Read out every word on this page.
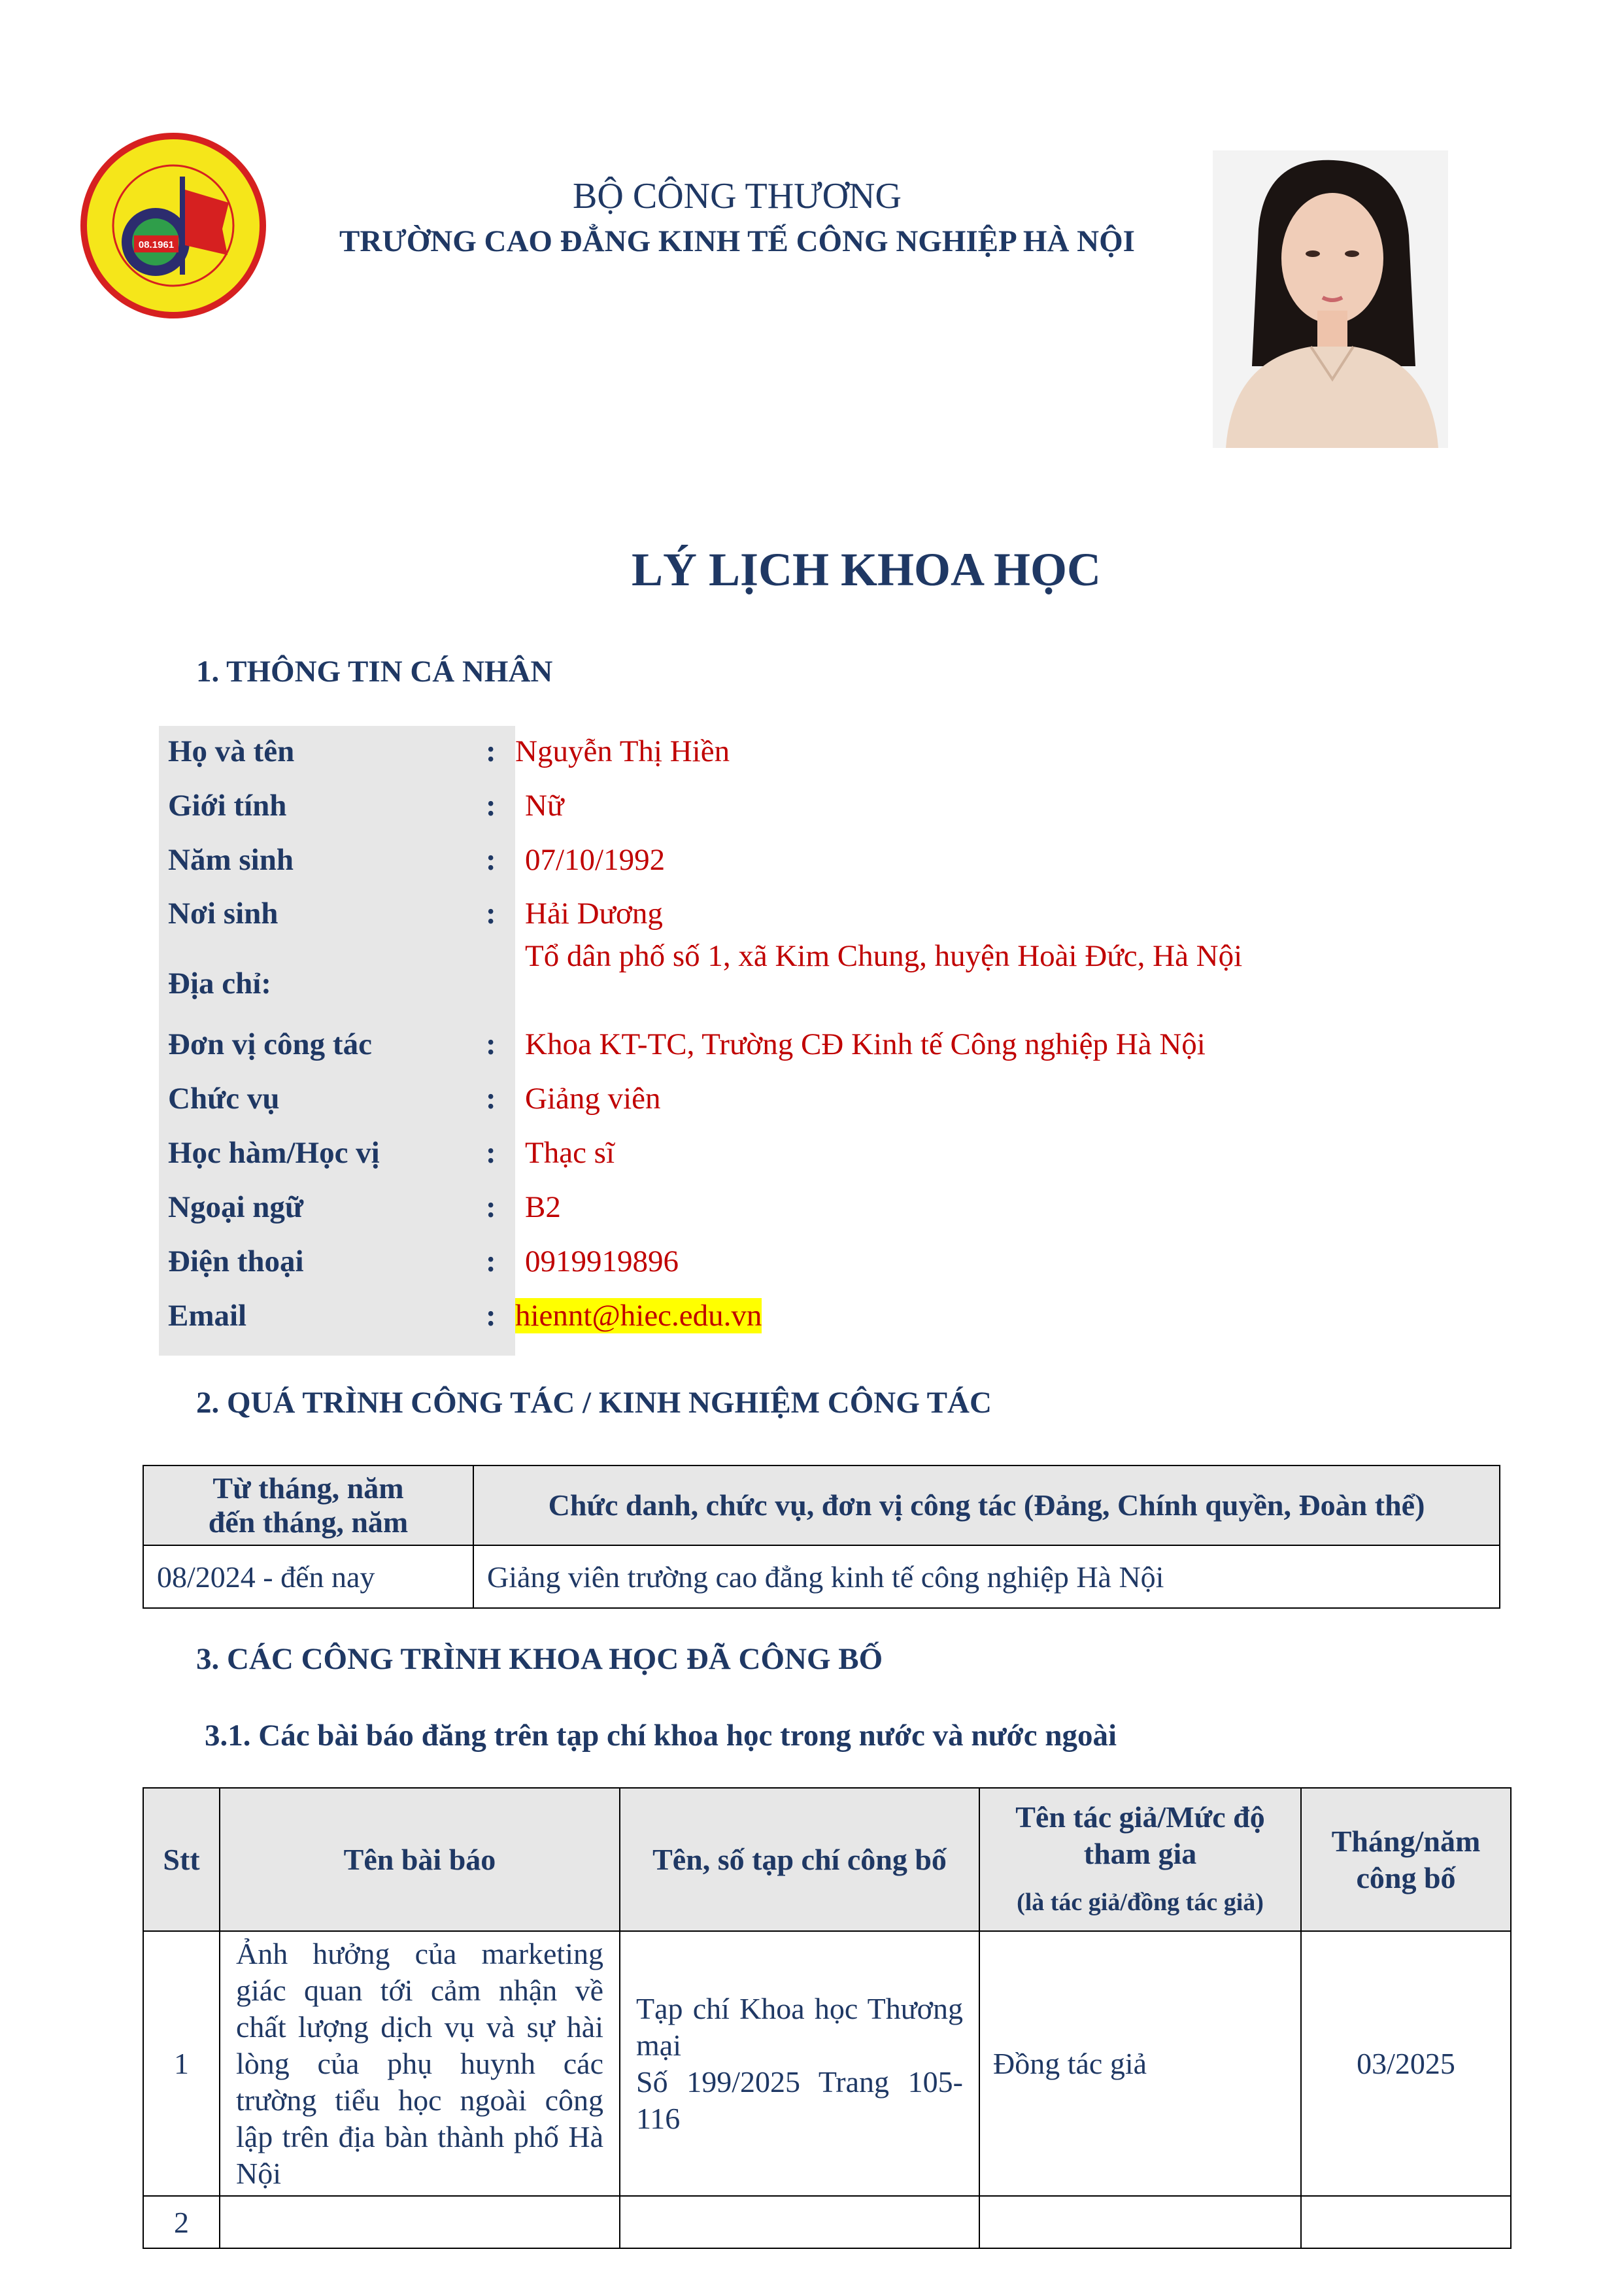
08.1961
BỘ CÔNG THƯƠNG
TRƯỜNG CAO ĐẲNG KINH TẾ CÔNG NGHIỆP HÀ NỘI
LÝ LỊCH KHOA HỌC
1. THÔNG TIN CÁ NHÂN
Họ và tên	: Nguyễn Thị Hiền
Giới tính	: Nữ
Năm sinh	: 07/10/1992
Nơi sinh	: Hải Dương
Địa chỉ:
Tổ dân phố số 1, xã Kim Chung, huyện Hoài Đức, Hà Nội
Đơn vị công tác	: Khoa KT-TC, Trường CĐ Kinh tế Công nghiệp Hà Nội
Chức vụ	: Giảng viên
Học hàm/Học vị	: Thạc sĩ
Ngoại ngữ	: B2
Điện thoại	: 0919919896
Email	: hiennt@hiec.edu.vn
2. QUÁ TRÌNH CÔNG TÁC / KINH NGHIỆM CÔNG TÁC
Từ tháng, năm
đến tháng, năm	Chức danh, chức vụ, đơn vị công tác (Đảng, Chính quyền, Đoàn thể)
08/2024 - đến nay	Giảng viên trường cao đẳng kinh tế công nghiệp Hà Nội
3. CÁC CÔNG TRÌNH KHOA HỌC ĐÃ CÔNG BỐ
3.1. Các bài báo đăng trên tạp chí khoa học trong nước và nước ngoài
Stt	Tên bài báo	Tên, số tạp chí công bố	Tên tác giả/Mức độ
tham gia
(là tác giả/đồng tác giả)	Tháng/năm
công bố
1	Ảnh hưởng của marketing giác quan tới cảm nhận về chất lượng dịch vụ và sự hài lòng của phụ huynh các trường tiểu học ngoài công lập trên địa bàn thành phố Hà Nội	Tạp chí Khoa học Thương mại
Số 199/2025 Trang 105-116	Đồng tác giả	03/2025
2				
